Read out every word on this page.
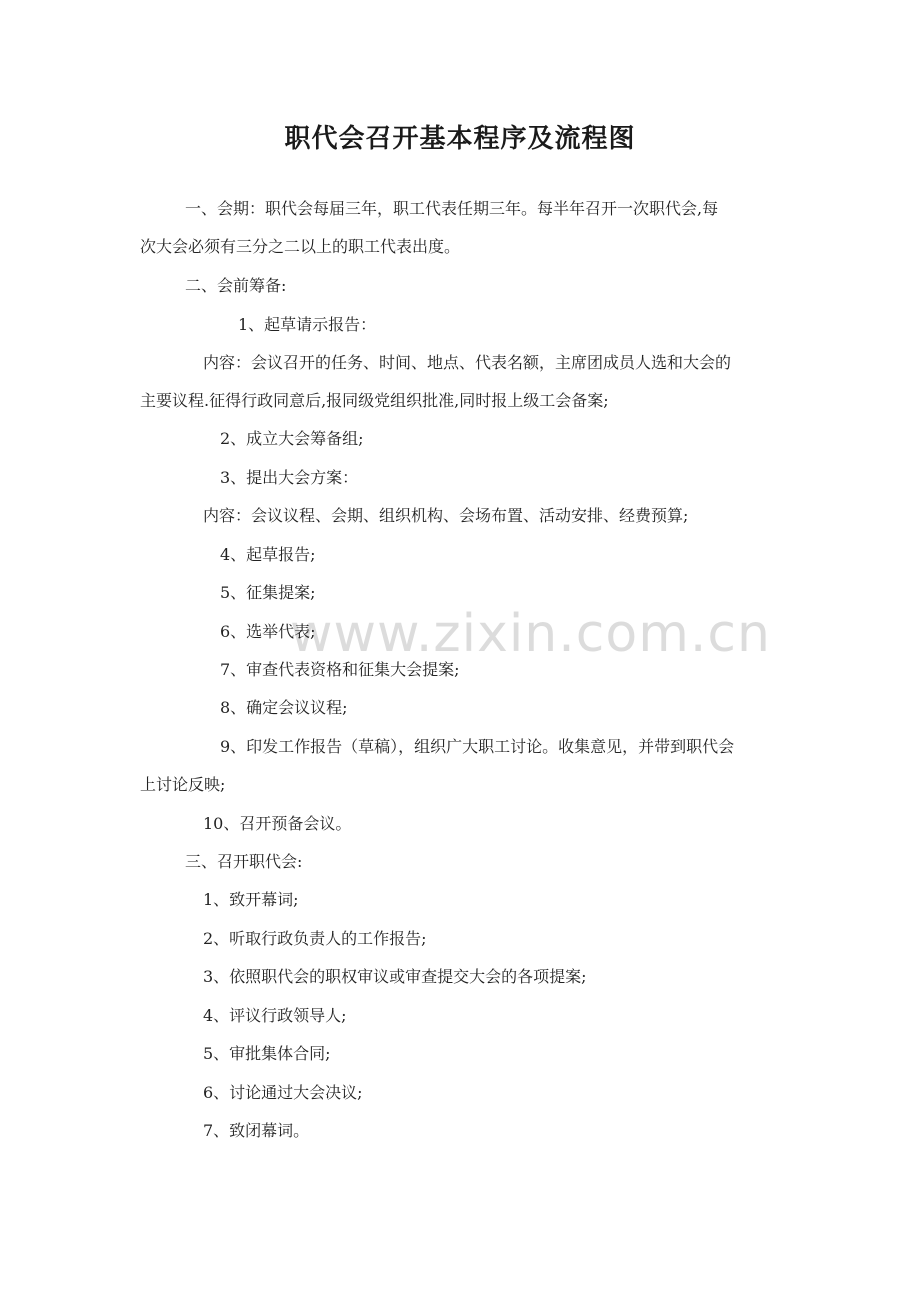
www.zixin.com.cn
职代会召开基本程序及流程图
一、会期：职代会每届三年，职工代表任期三年。每半年召开一次职代会,每
次大会必须有三分之二以上的职工代表出度。
二、会前筹备:
1、起草请示报告：
内容：会议召开的任务、时间、地点、代表名额，主席团成员人选和大会的
主要议程.征得行政同意后,报同级党组织批准,同时报上级工会备案;
2、成立大会筹备组;
3、提出大会方案：
内容：会议议程、会期、组织机构、会场布置、活动安排、经费预算;
4、起草报告;
5、征集提案;
6、选举代表;
7、审查代表资格和征集大会提案;
8、确定会议议程;
9、印发工作报告（草稿），组织广大职工讨论。收集意见，并带到职代会
上讨论反映;
10、召开预备会议。
三、召开职代会:
1、致开幕词;
2、听取行政负责人的工作报告;
3、依照职代会的职权审议或审查提交大会的各项提案;
4、评议行政领导人;
5、审批集体合同;
6、讨论通过大会决议;
7、致闭幕词。
